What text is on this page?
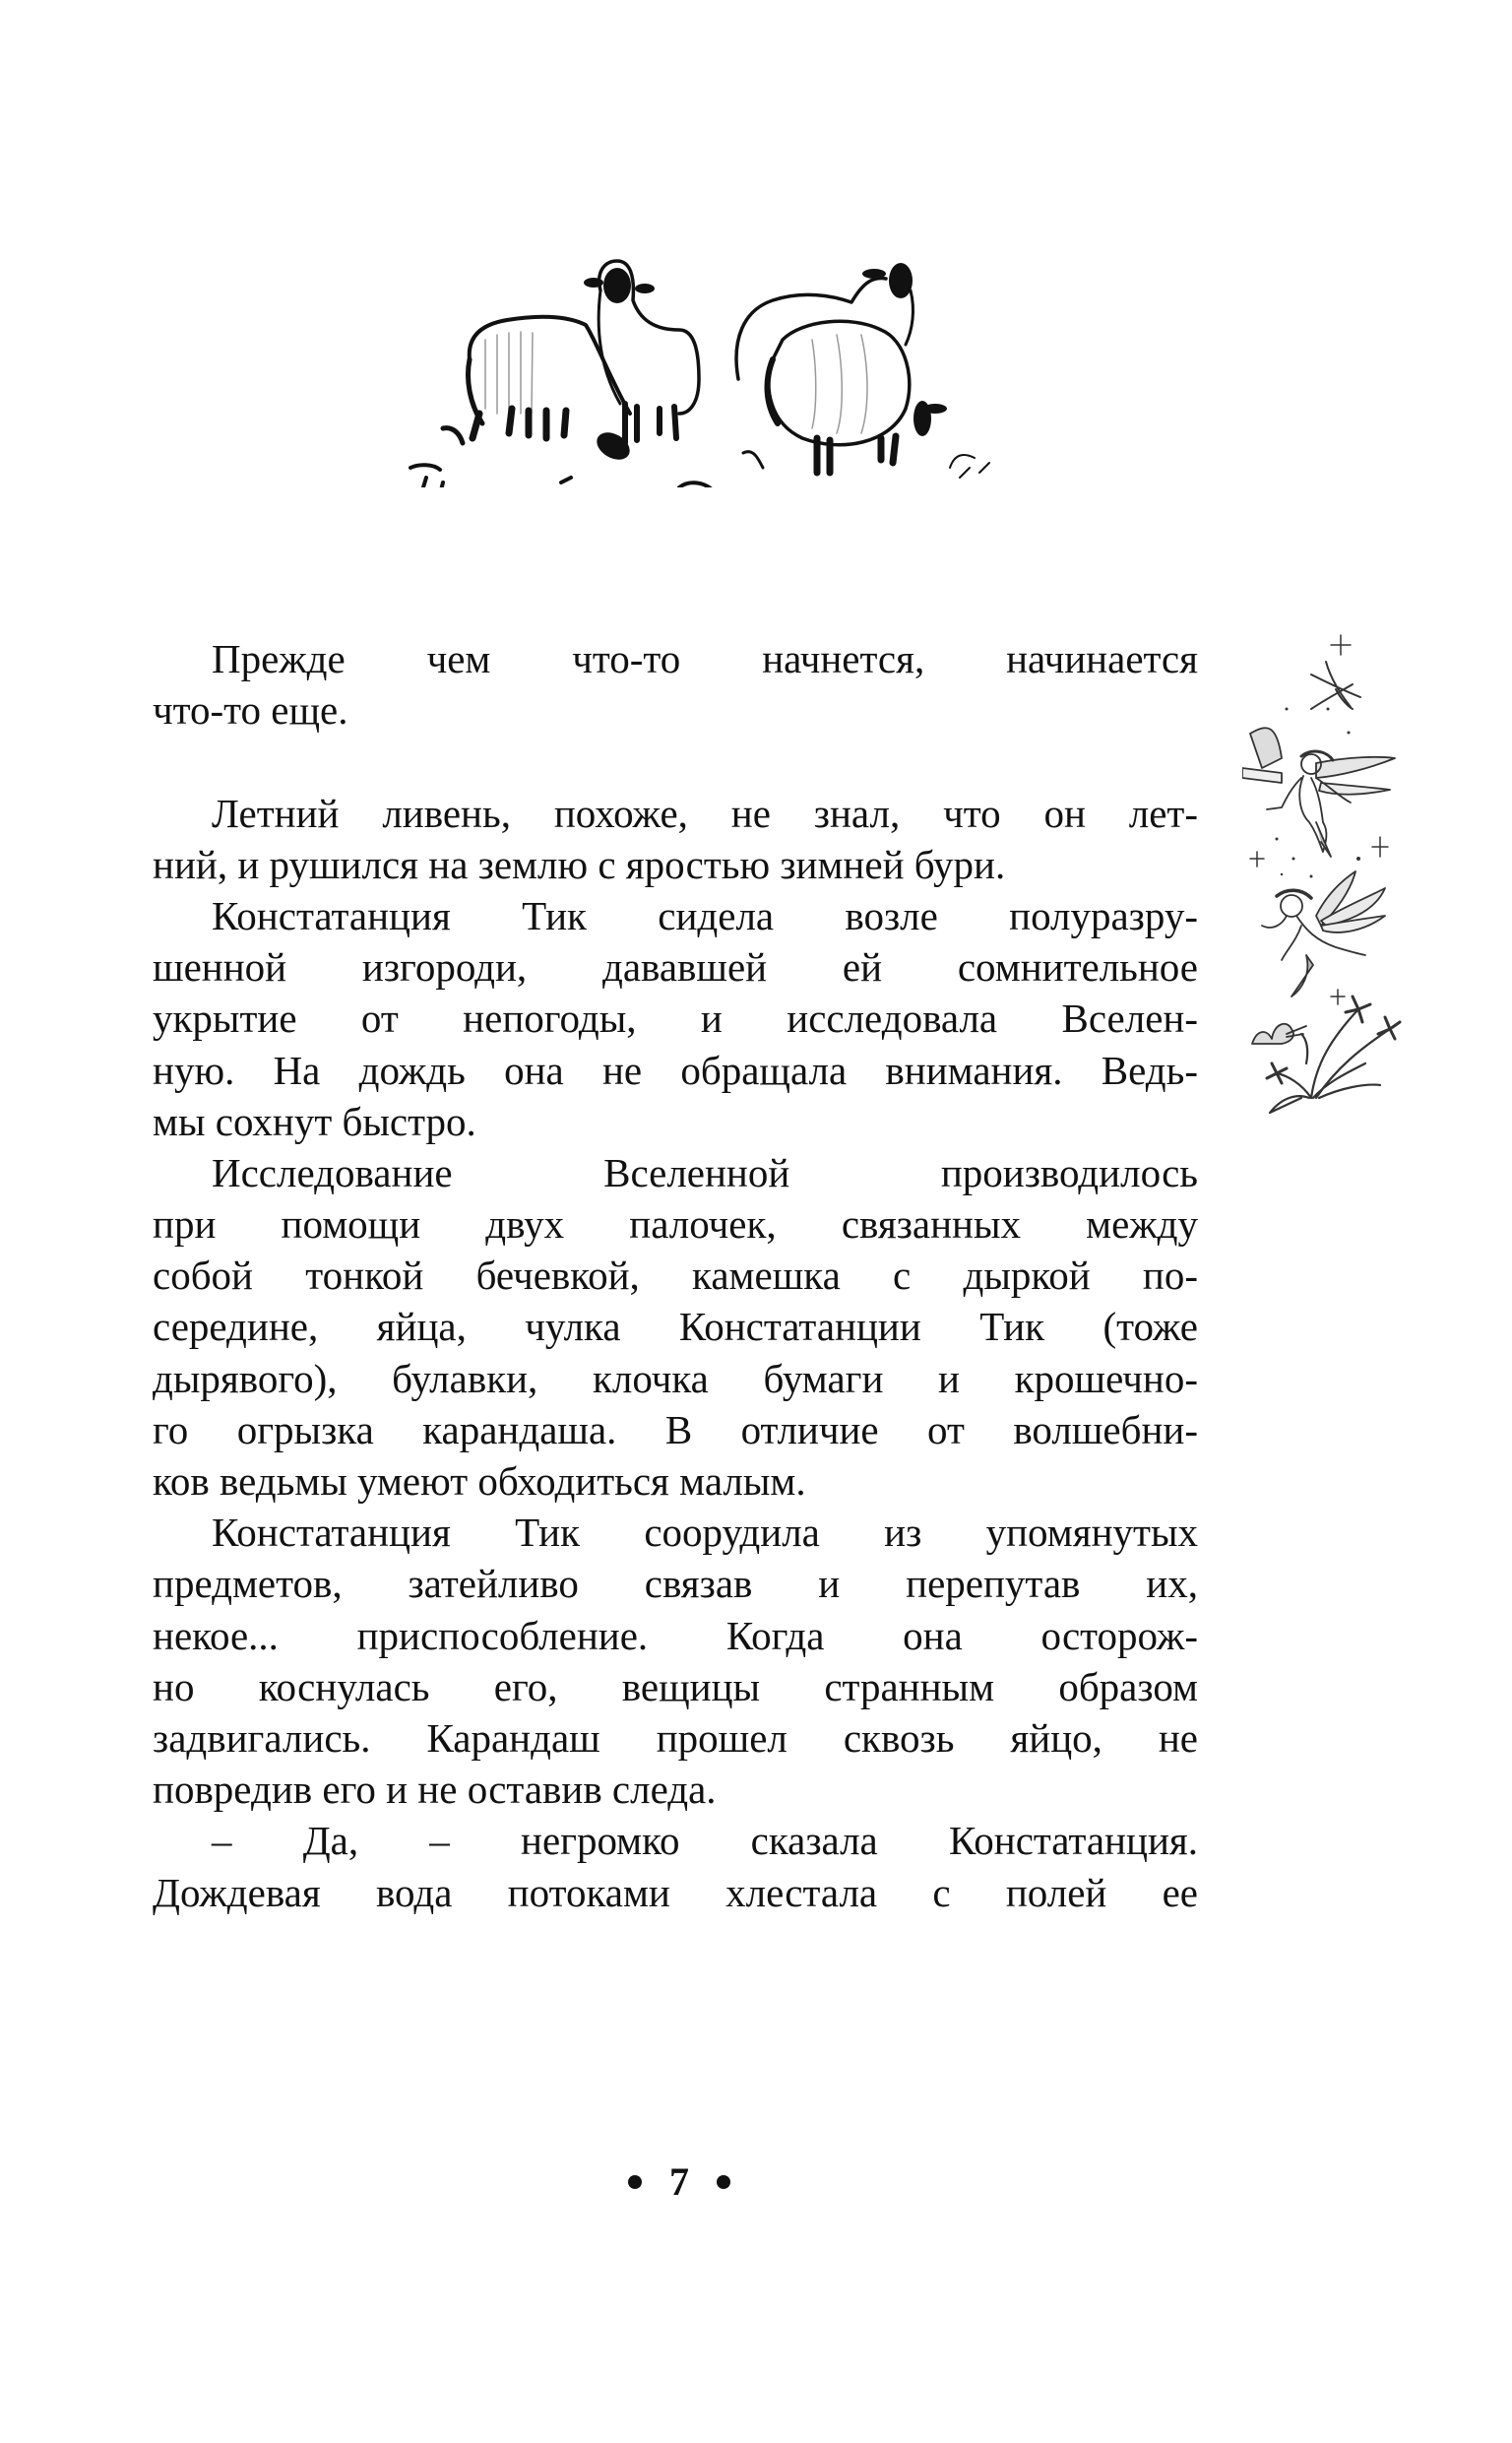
Прежде чем что-то начнется, начинается
что-то еще.
Летний ливень, похоже, не знал, что он лет-
ний, и рушился на землю с яростью зимней бури.
Констатанция Тик сидела возле полуразру-
шенной изгороди, дававшей ей сомнительное
укрытие от непогоды, и исследовала Вселен-
ную. На дождь она не обращала внимания. Ведь-
мы сохнут быстро.
Исследование Вселенной производилось
при помощи двух палочек, связанных между
собой тонкой бечевкой, камешка с дыркой по-
середине, яйца, чулка Констатанции Тик (тоже
дырявого), булавки, клочка бумаги и крошечно-
го огрызка карандаша. В отличие от волшебни-
ков ведьмы умеют обходиться малым.
Констатанция Тик соорудила из упомянутых
предметов, затейливо связав и перепутав их,
некое... приспособление. Когда она осторож-
но коснулась его, вещицы странным образом
задвигались. Карандаш прошел сквозь яйцо, не
повредив его и не оставив следа.
– Да, – негромко сказала Констатанция.
Дождевая вода потоками хлестала с полей ее
7
